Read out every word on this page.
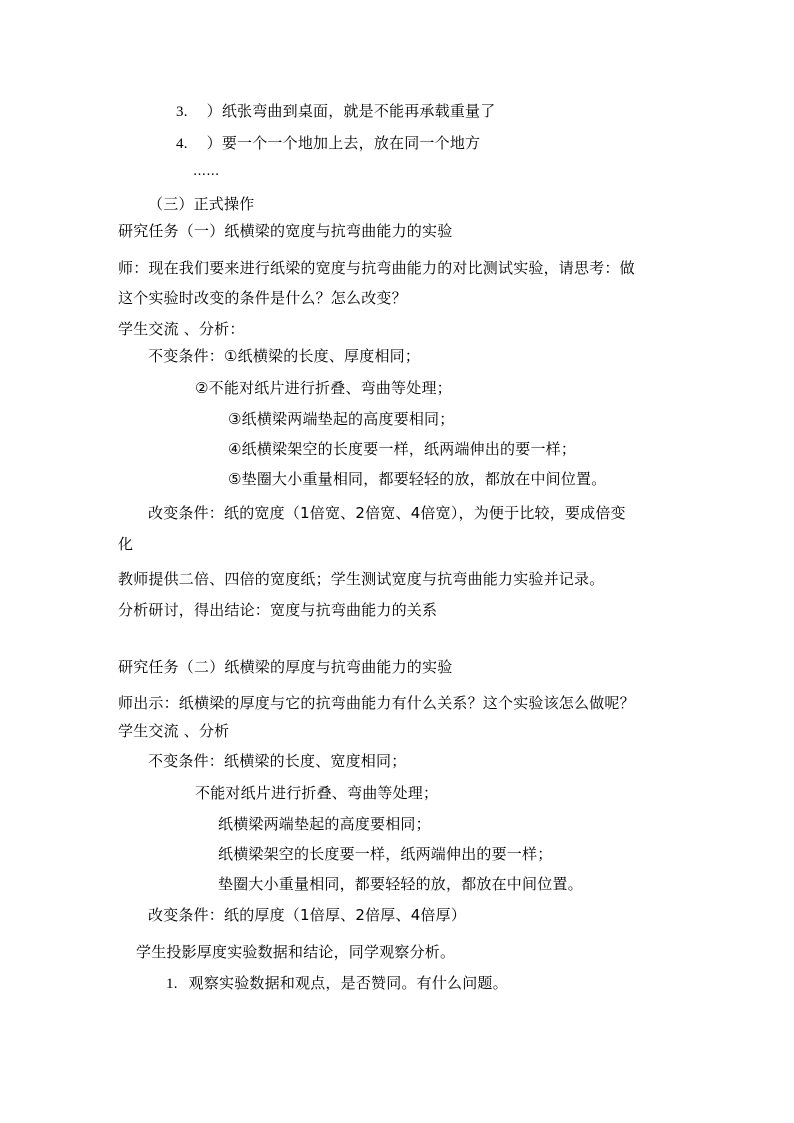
3. ）纸张弯曲到桌面，就是不能再承载重量了
4. ）要一个一个地加上去，放在同一个地方
……
（三）正式操作
研究任务（一）纸横梁的宽度与抗弯曲能力的实验
师：现在我们要来进行纸梁的宽度与抗弯曲能力的对比测试实验，请思考：做
这个实验时改变的条件是什么？怎么改变？
学生交流 、分析：
不变条件：①纸横梁的长度、厚度相同；
②不能对纸片进行折叠、弯曲等处理；
③纸横梁两端垫起的高度要相同；
④纸横梁架空的长度要一样，纸两端伸出的要一样；
⑤垫圈大小重量相同，都要轻轻的放，都放在中间位置。
改变条件：纸的宽度（1倍宽、2倍宽、4倍宽），为便于比较，要成倍变
化
教师提供二倍、四倍的宽度纸；学生测试宽度与抗弯曲能力实验并记录。
分析研讨，得出结论：宽度与抗弯曲能力的关系
研究任务（二）纸横梁的厚度与抗弯曲能力的实验
师出示：纸横梁的厚度与它的抗弯曲能力有什么关系？这个实验该怎么做呢？
学生交流 、分析
不变条件：纸横梁的长度、宽度相同；
不能对纸片进行折叠、弯曲等处理；
纸横梁两端垫起的高度要相同；
纸横梁架空的长度要一样，纸两端伸出的要一样；
垫圈大小重量相同，都要轻轻的放，都放在中间位置。
改变条件：纸的厚度（1倍厚、2倍厚、4倍厚）
学生投影厚度实验数据和结论，同学观察分析。
1. 观察实验数据和观点，是否赞同。有什么问题。
